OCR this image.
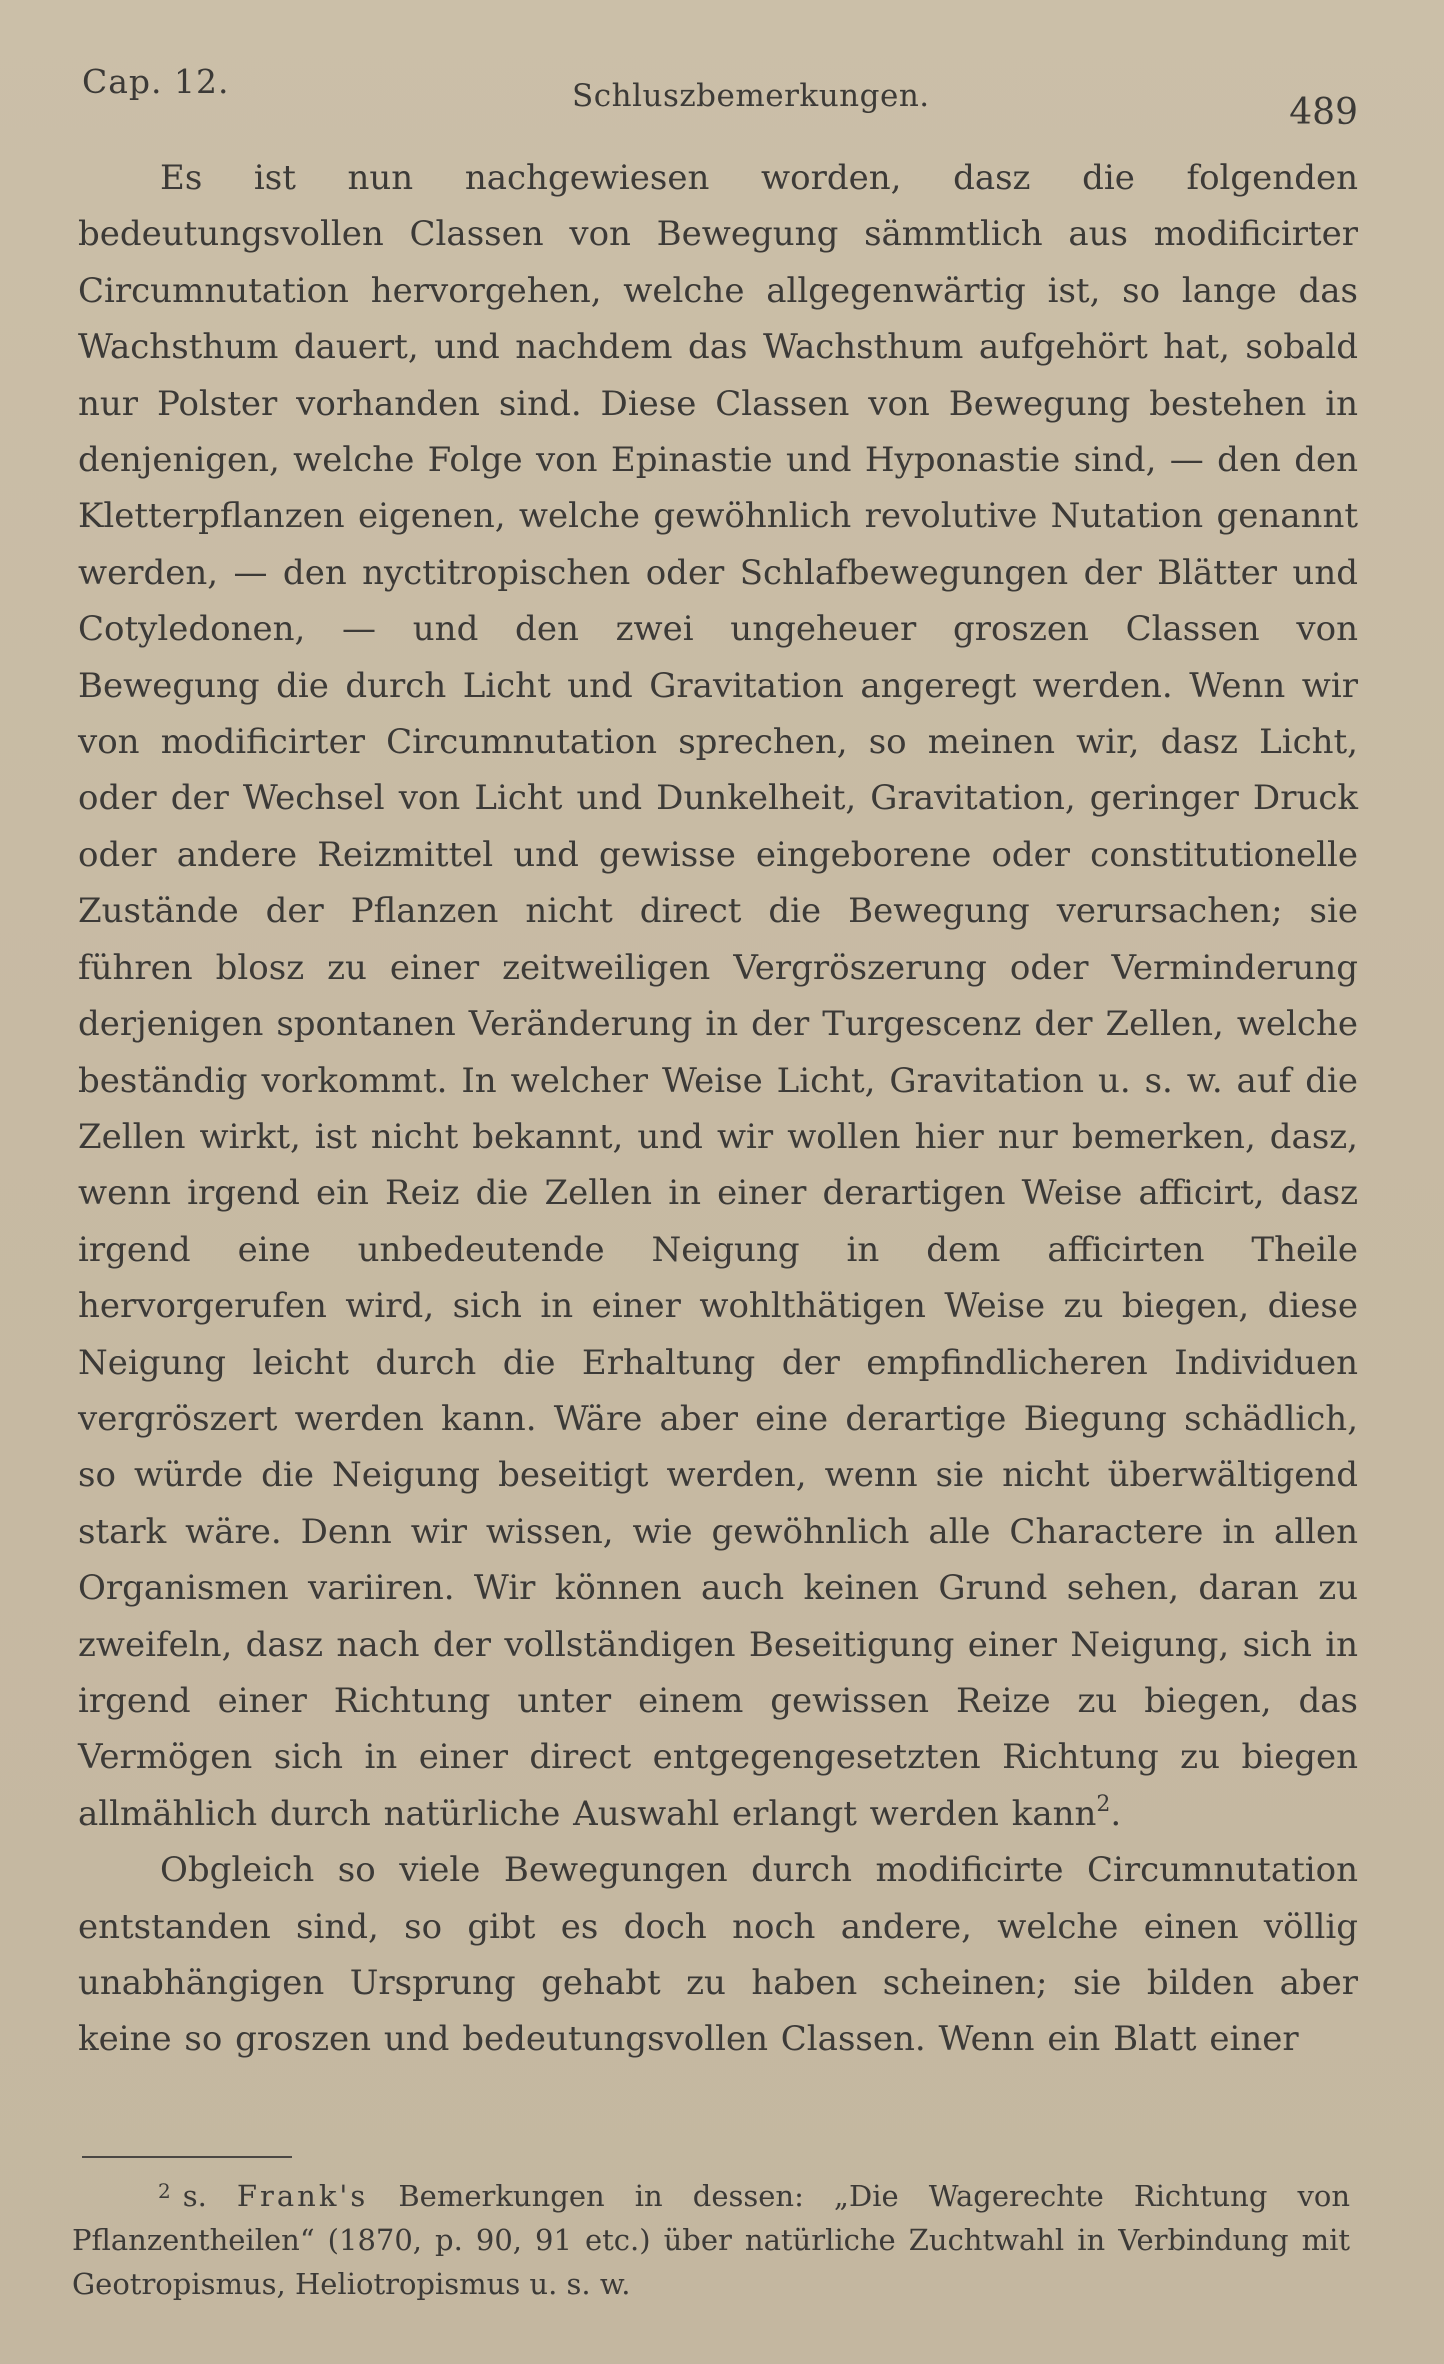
Cap. 12.	Schluszbemerkungen.	489

Es ist nun nachgewiesen worden, dasz die folgenden bedeutungsvollen Classen von Bewegung sämmtlich aus modificirter Circumnutation hervorgehen, welche allgegenwärtig ist, so lange das Wachsthum dauert, und nachdem das Wachsthum aufgehört hat, sobald nur Polster vorhanden sind. Diese Classen von Bewegung bestehen in denjenigen, welche Folge von Epinastie und Hyponastie sind, — den den Kletterpflanzen eigenen, welche gewöhnlich revolutive Nutation genannt werden, — den nyctitropischen oder Schlafbewegungen der Blätter und Cotyledonen, — und den zwei ungeheuer groszen Classen von Bewegung die durch Licht und Gravitation angeregt werden. Wenn wir von modificirter Circumnutation sprechen, so meinen wir, dasz Licht, oder der Wechsel von Licht und Dunkelheit, Gravitation, geringer Druck oder andere Reizmittel und gewisse eingeborene oder constitutionelle Zustände der Pflanzen nicht direct die Bewegung verursachen; sie führen blosz zu einer zeitweiligen Vergröszerung oder Verminderung derjenigen spontanen Veränderung in der Turgescenz der Zellen, welche beständig vorkommt. In welcher Weise Licht, Gravitation u. s. w. auf die Zellen wirkt, ist nicht bekannt, und wir wollen hier nur bemerken, dasz, wenn irgend ein Reiz die Zellen in einer derartigen Weise afficirt, dasz irgend eine unbedeutende Neigung in dem afficirten Theile hervorgerufen wird, sich in einer wohlthätigen Weise zu biegen, diese Neigung leicht durch die Erhaltung der empfindlicheren Individuen vergröszert werden kann. Wäre aber eine derartige Biegung schädlich, so würde die Neigung beseitigt werden, wenn sie nicht überwältigend stark wäre. Denn wir wissen, wie gewöhnlich alle Charactere in allen Organismen variiren. Wir können auch keinen Grund sehen, daran zu zweifeln, dasz nach der vollständigen Beseitigung einer Neigung, sich in irgend einer Richtung unter einem gewissen Reize zu biegen, das Vermögen sich in einer direct entgegengesetzten Richtung zu biegen allmählich durch natürliche Auswahl erlangt werden kann$^2$.

Obgleich so viele Bewegungen durch modificirte Circumnutation entstanden sind, so gibt es doch noch andere, welche einen völlig unabhängigen Ursprung gehabt zu haben scheinen; sie bilden aber keine so groszen und bedeutungsvollen Classen. Wenn ein Blatt einer

$^2$ s. Frank's Bemerkungen in dessen: „Die Wagerechte Richtung von Pflanzentheilen“ (1870, p. 90, 91 etc.) über natürliche Zuchtwahl in Verbindung mit Geotropismus, Heliotropismus u. s. w.
